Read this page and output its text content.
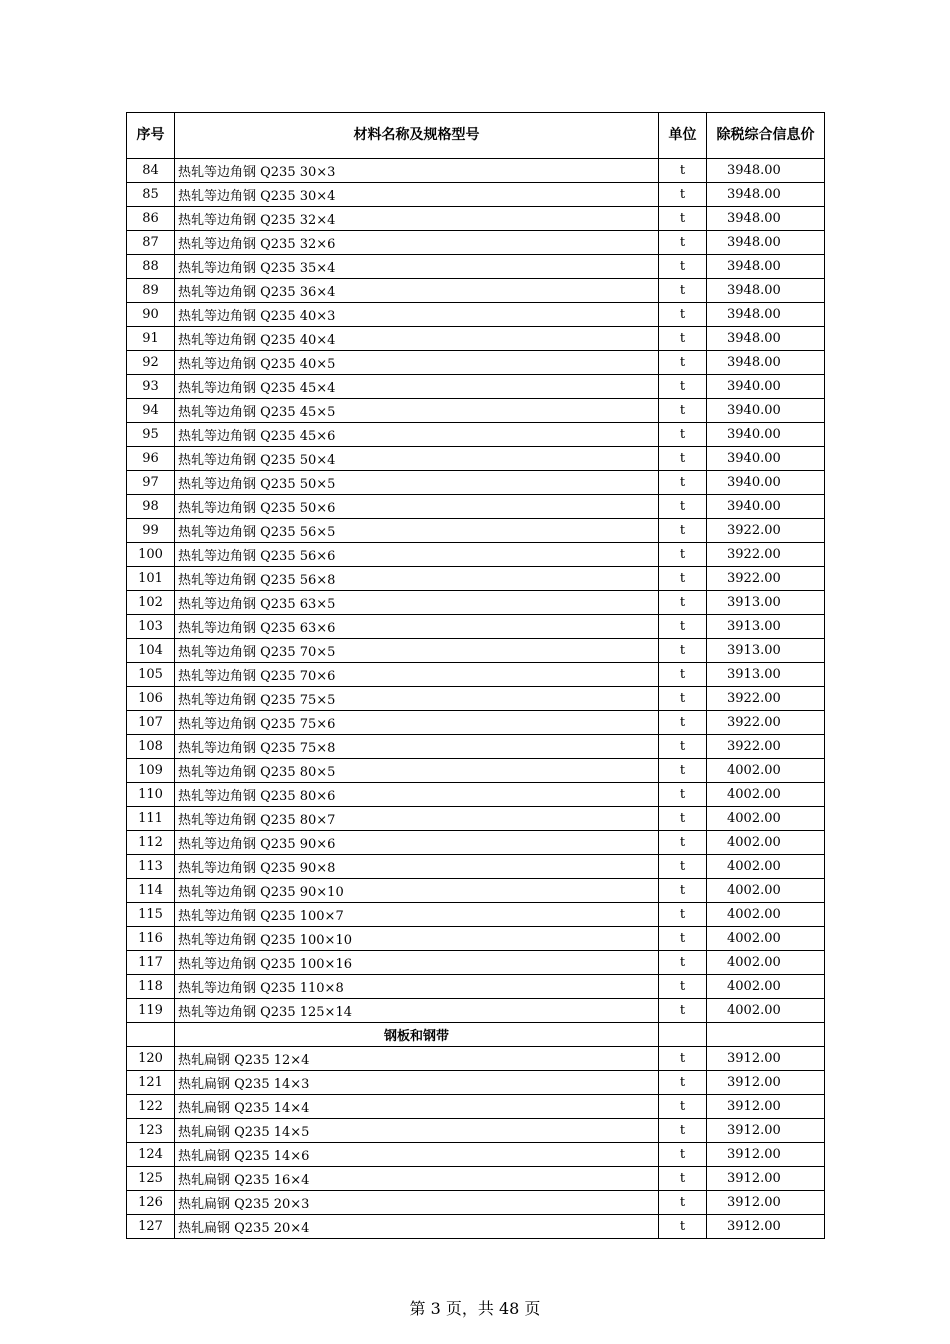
序号	材料名称及规格型号	单位	除税综合信息价
84	热轧等边角钢 Q235 30×3	t	3948.00
85	热轧等边角钢 Q235 30×4	t	3948.00
86	热轧等边角钢 Q235 32×4	t	3948.00
87	热轧等边角钢 Q235 32×6	t	3948.00
88	热轧等边角钢 Q235 35×4	t	3948.00
89	热轧等边角钢 Q235 36×4	t	3948.00
90	热轧等边角钢 Q235 40×3	t	3948.00
91	热轧等边角钢 Q235 40×4	t	3948.00
92	热轧等边角钢 Q235 40×5	t	3948.00
93	热轧等边角钢 Q235 45×4	t	3940.00
94	热轧等边角钢 Q235 45×5	t	3940.00
95	热轧等边角钢 Q235 45×6	t	3940.00
96	热轧等边角钢 Q235 50×4	t	3940.00
97	热轧等边角钢 Q235 50×5	t	3940.00
98	热轧等边角钢 Q235 50×6	t	3940.00
99	热轧等边角钢 Q235 56×5	t	3922.00
100	热轧等边角钢 Q235 56×6	t	3922.00
101	热轧等边角钢 Q235 56×8	t	3922.00
102	热轧等边角钢 Q235 63×5	t	3913.00
103	热轧等边角钢 Q235 63×6	t	3913.00
104	热轧等边角钢 Q235 70×5	t	3913.00
105	热轧等边角钢 Q235 70×6	t	3913.00
106	热轧等边角钢 Q235 75×5	t	3922.00
107	热轧等边角钢 Q235 75×6	t	3922.00
108	热轧等边角钢 Q235 75×8	t	3922.00
109	热轧等边角钢 Q235 80×5	t	4002.00
110	热轧等边角钢 Q235 80×6	t	4002.00
111	热轧等边角钢 Q235 80×7	t	4002.00
112	热轧等边角钢 Q235 90×6	t	4002.00
113	热轧等边角钢 Q235 90×8	t	4002.00
114	热轧等边角钢 Q235 90×10	t	4002.00
115	热轧等边角钢 Q235 100×7	t	4002.00
116	热轧等边角钢 Q235 100×10	t	4002.00
117	热轧等边角钢 Q235 100×16	t	4002.00
118	热轧等边角钢 Q235 110×8	t	4002.00
119	热轧等边角钢 Q235 125×14	t	4002.00
	钢板和钢带		
120	热轧扁钢 Q235 12×4	t	3912.00
121	热轧扁钢 Q235 14×3	t	3912.00
122	热轧扁钢 Q235 14×4	t	3912.00
123	热轧扁钢 Q235 14×5	t	3912.00
124	热轧扁钢 Q235 14×6	t	3912.00
125	热轧扁钢 Q235 16×4	t	3912.00
126	热轧扁钢 Q235 20×3	t	3912.00
127	热轧扁钢 Q235 20×4	t	3912.00
第 3 页，共 48 页
